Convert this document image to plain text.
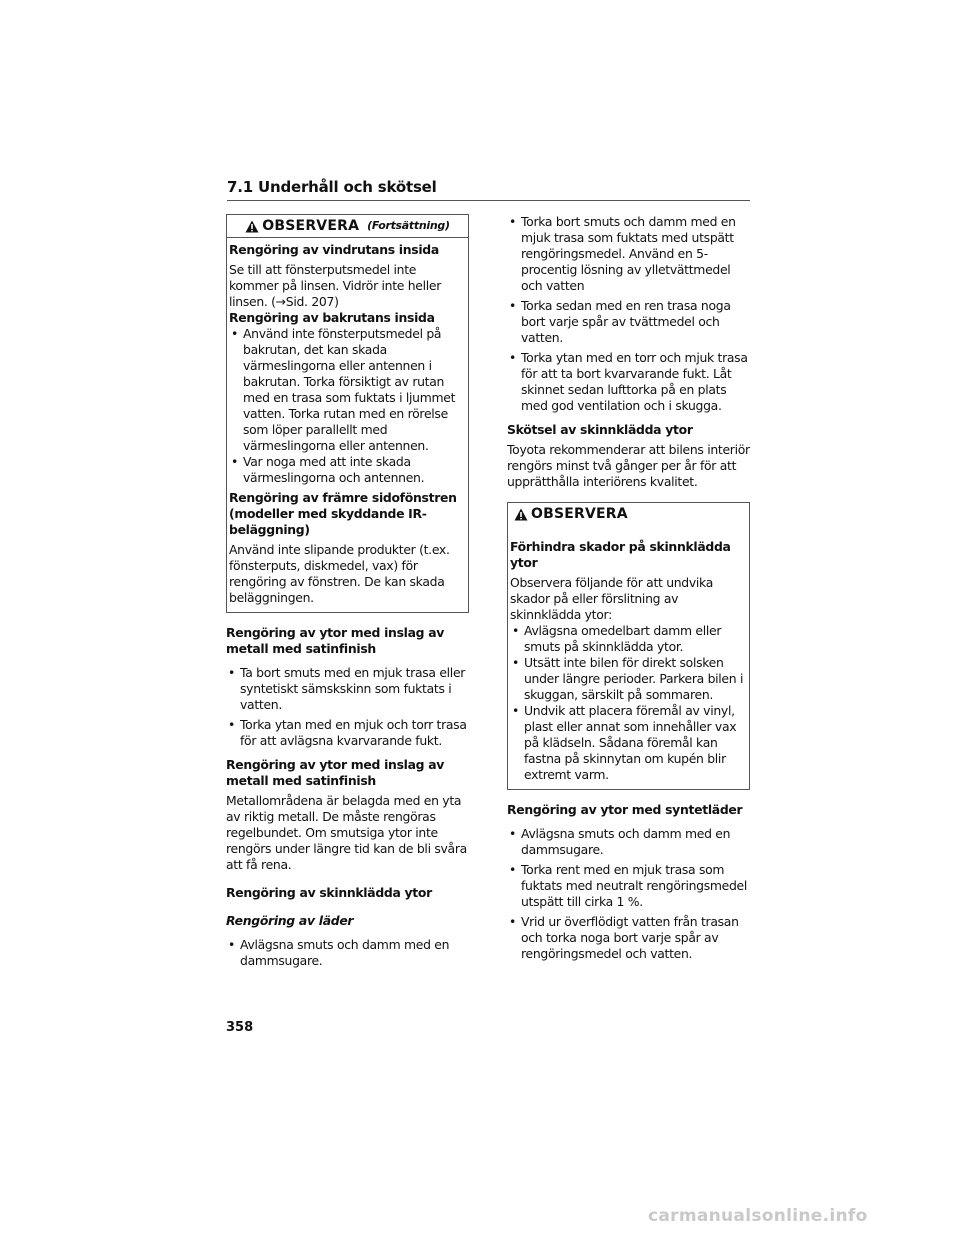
7.1 Underhåll och skötsel
OBSERVERA (Fortsättning)

Rengöring av vindrutans insida

Se till att fönsterputsmedel inte kommer på linsen. Vidrör inte heller linsen. (→Sid. 207)

Rengöring av bakrutans insida

• Använd inte fönsterputsmedel på bakrutan, det kan skada värmeslingorna eller antennen i bakrutan. Torka försiktigt av rutan med en trasa som fuktats i ljummet vatten. Torka rutan med en rörelse som löper parallellt med värmeslingorna eller antennen.

• Var noga med att inte skada värmeslingorna och antennen.

Rengöring av främre sidofönstren (modeller med skyddande IR-beläggning)

Använd inte slipande produkter (t.ex. fönsterputs, diskmedel, vax) för rengöring av fönstren. De kan skada beläggningen.

Rengöring av ytor med inslag av metall med satinfinish

• Ta bort smuts med en mjuk trasa eller syntetiskt sämskskinn som fuktats i vatten.

• Torka ytan med en mjuk och torr trasa för att avlägsna kvarvarande fukt.

Rengöring av ytor med inslag av metall med satinfinish

Metallområdena är belagda med en yta av riktig metall. De måste rengöras regelbundet. Om smutsiga ytor inte rengörs under längre tid kan de bli svåra att få rena.

Rengöring av skinnklädda ytor

Rengöring av läder

• Avlägsna smuts och damm med en dammsugare.

• Torka bort smuts och damm med en mjuk trasa som fuktats med utspätt rengöringsmedel. Använd en 5-procentig lösning av ylletvättmedel och vatten

• Torka sedan med en ren trasa noga bort varje spår av tvättmedel och vatten.

• Torka ytan med en torr och mjuk trasa för att ta bort kvarvarande fukt. Låt skinnet sedan lufttorka på en plats med god ventilation och i skugga.

Skötsel av skinnklädda ytor

Toyota rekommenderar att bilens interiör rengörs minst två gånger per år för att upprätthålla interiörens kvalitet.

OBSERVERA

Förhindra skador på skinnklädda ytor

Observera följande för att undvika skador på eller förslitning av skinnklädda ytor:

• Avlägsna omedelbart damm eller smuts på skinnklädda ytor.

• Utsätt inte bilen för direkt solsken under längre perioder. Parkera bilen i skuggan, särskilt på sommaren.

• Undvik att placera föremål av vinyl, plast eller annat som innehåller vax på klädseln. Sådana föremål kan fastna på skinnytan om kupén blir extremt varm.

Rengöring av ytor med syntetläder

• Avlägsna smuts och damm med en dammsugare.

• Torka rent med en mjuk trasa som fuktats med neutralt rengöringsmedel utspätt till cirka 1 %.

• Vrid ur överflödigt vatten från trasan och torka noga bort varje spår av rengöringsmedel och vatten.

358
carmanualsonline.info
